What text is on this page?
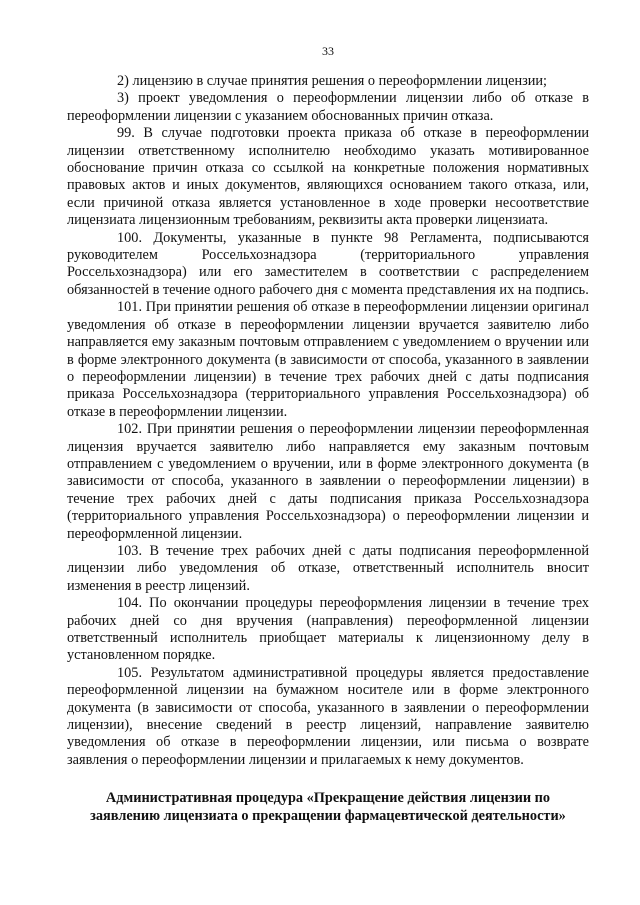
33

2) лицензию в случае принятия решения о переоформлении лицензии;

3) проект уведомления о переоформлении лицензии либо об отказе в переоформлении лицензии с указанием обоснованных причин отказа.

99. В случае подготовки проекта приказа об отказе в переоформлении лицензии ответственному исполнителю необходимо указать мотивированное обоснование причин отказа со ссылкой на конкретные положения нормативных правовых актов и иных документов, являющихся основанием такого отказа, или, если причиной отказа является установленное в ходе проверки несоответствие лицензиата лицензионным требованиям, реквизиты акта проверки лицензиата.

100. Документы, указанные в пункте 98 Регламента, подписываются руководителем Россельхознадзора (территориального управления Россельхознадзора) или его заместителем в соответствии с распределением обязанностей в течение одного рабочего дня с момента представления их на подпись.

101. При принятии решения об отказе в переоформлении лицензии оригинал уведомления об отказе в переоформлении лицензии вручается заявителю либо направляется ему заказным почтовым отправлением с уведомлением о вручении или в форме электронного документа (в зависимости от способа, указанного в заявлении о переоформлении лицензии) в течение трех рабочих дней с даты подписания приказа Россельхознадзора (территориального управления Россельхознадзора) об отказе в переоформлении лицензии.

102. При принятии решения о переоформлении лицензии переоформленная лицензия вручается заявителю либо направляется ему заказным почтовым отправлением с уведомлением о вручении, или в форме электронного документа (в зависимости от способа, указанного в заявлении о переоформлении лицензии) в течение трех рабочих дней с даты подписания приказа Россельхознадзора (территориального управления Россельхознадзора) о переоформлении лицензии и переоформленной лицензии.

103. В течение трех рабочих дней с даты подписания переоформленной лицензии либо уведомления об отказе, ответственный исполнитель вносит изменения в реестр лицензий.

104. По окончании процедуры переоформления лицензии в течение трех рабочих дней со дня вручения (направления) переоформленной лицензии ответственный исполнитель приобщает материалы к лицензионному делу в установленном порядке.

105. Результатом административной процедуры является предоставление переоформленной лицензии на бумажном носителе или в форме электронного документа (в зависимости от способа, указанного в заявлении о переоформлении лицензии), внесение сведений в реестр лицензий, направление заявителю уведомления об отказе в переоформлении лицензии, или письма о возврате заявления о переоформлении лицензии и прилагаемых к нему документов.

Административная процедура «Прекращение действия лицензии по
заявлению лицензиата о прекращении фармацевтической деятельности»
